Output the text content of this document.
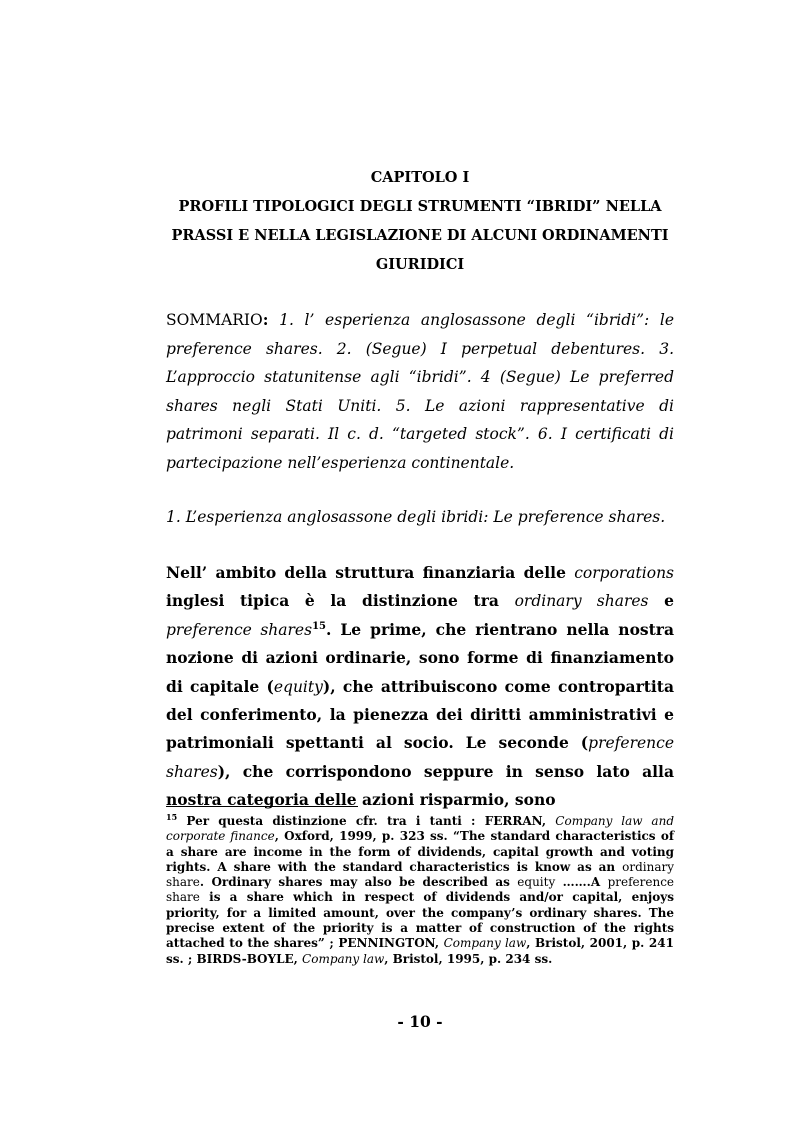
CAPITOLO I
PROFILI TIPOLOGICI DEGLI STRUMENTI “IBRIDI” NELLA
PRASSI E NELLA LEGISLAZIONE DI ALCUNI ORDINAMENTI
GIURIDICI
SOMMARIO: 1. l’ esperienza anglosassone degli “ibridi”: le preference shares. 2. (Segue) I perpetual debentures. 3. L’approccio statunitense agli “ibridi”. 4 (Segue) Le preferred shares negli Stati Uniti. 5. Le azioni rappresentative di patrimoni separati. Il c. d. “targeted stock”. 6. I certificati di partecipazione nell’esperienza continentale.
1. L’esperienza anglosassone degli ibridi: Le preference shares.
Nell’ ambito della struttura finanziaria delle corporations inglesi tipica è la distinzione tra ordinary shares e preference shares$^{15}$. Le prime, che rientrano nella nostra nozione di azioni ordinarie, sono forme di finanziamento di capitale (equity), che attribuiscono come contropartita del conferimento, la pienezza dei diritti amministrativi e patrimoniali spettanti al socio. Le seconde (preference shares), che corrispondono seppure in senso lato alla nostra categoria delle azioni risparmio, sono
$^{15}$ Per questa distinzione cfr. tra i tanti : FERRAN, Company law and corporate finance, Oxford, 1999, p. 323 ss. “The standard characteristics of a share are income in the form of dividends, capital growth and voting rights. A share with the standard characteristics is know as an ordinary share. Ordinary shares may also be described as equity …….A preference share is a share which in respect of dividends and/or capital, enjoys priority, for a limited amount, over the company’s ordinary shares. The precise extent of the priority is a matter of construction of the rights attached to the shares” ; PENNINGTON, Company law, Bristol, 2001, p. 241 ss. ; BIRDS-BOYLE, Company law, Bristol, 1995, p. 234 ss.
- 10 -
